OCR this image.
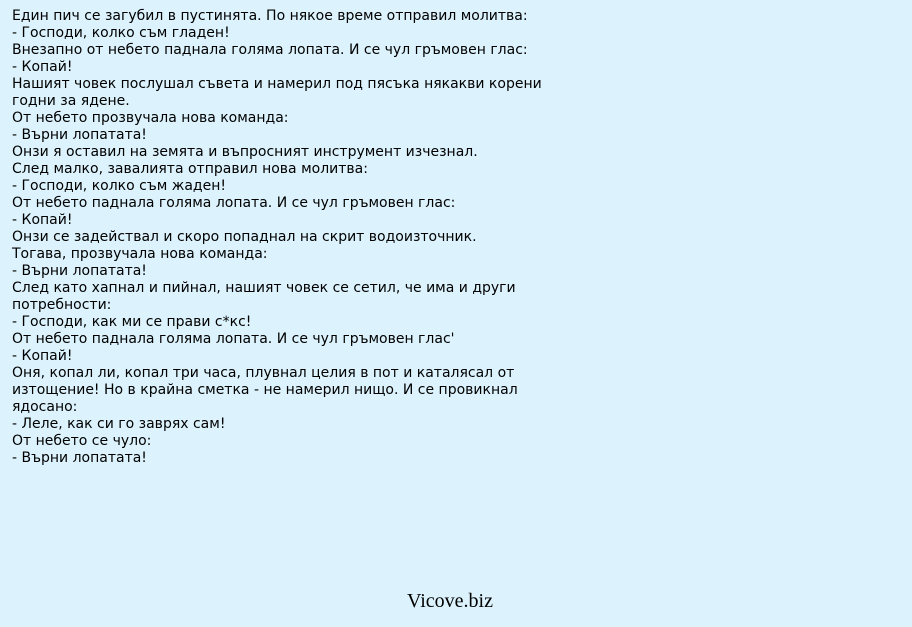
Един пич се загубил в пустинята. По някое време отправил молитва:
- Господи, колко съм гладен!
Внезапно от небето паднала голяма лопата. И се чул гръмовен глас:
- Копай!
Нашият човек послушал съвета и намерил под пясъка някакви корени
годни за ядене.
От небето прозвучала нова команда:
- Върни лопатата!
Онзи я оставил на земята и въпросният инструмент изчезнал.
След малко, завалията отправил нова молитва:
- Господи, колко съм жаден!
От небето паднала голяма лопата. И се чул гръмовен глас:
- Копай!
Онзи се задействал и скоро попаднал на скрит водоизточник.
Тогава, прозвучала нова команда:
- Върни лопатата!
След като хапнал и пийнал, нашият човек се сетил, че има и други
потребности:
- Господи, как ми се прави с*кс!
От небето паднала голяма лопата. И се чул гръмовен глас'
- Копай!
Оня, копал ли, копал три часа, плувнал целия в пот и каталясал от
изтощение! Но в крайна сметка - не намерил нищо. И се провикнал
ядосано:
- Леле, как си го заврях сам!
От небето се чуло:
- Върни лопатата!
Vicove.biz
